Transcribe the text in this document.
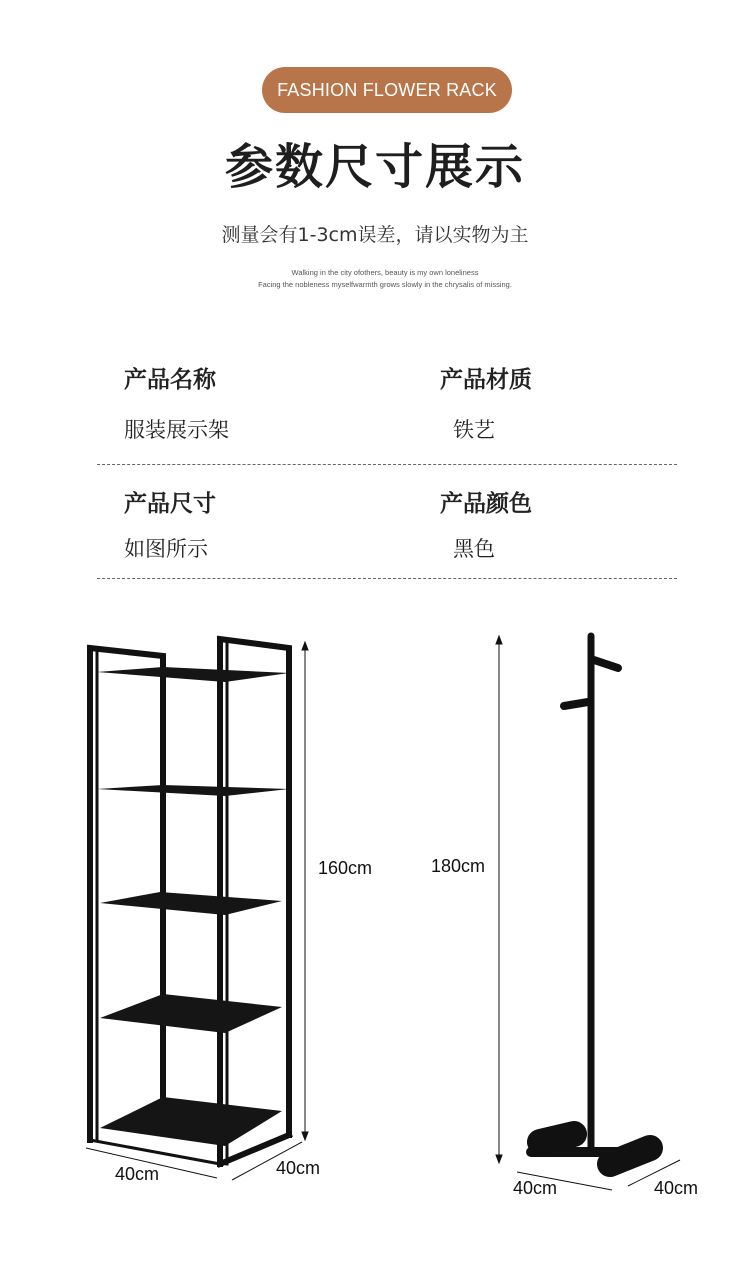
FASHION FLOWER RACK
参数尺寸展示
测量会有1-3cm误差，请以实物为主
Walking in the city ofothers, beauty is my own loneliness
Facing the nobleness myselfwarmth grows slowly in the chrysalis of missing.
产品名称
服装展示架
产品材质
铁艺
产品尺寸
如图所示
产品颜色
黑色
160cm
40cm	40cm
180cm
40cm	40cm
